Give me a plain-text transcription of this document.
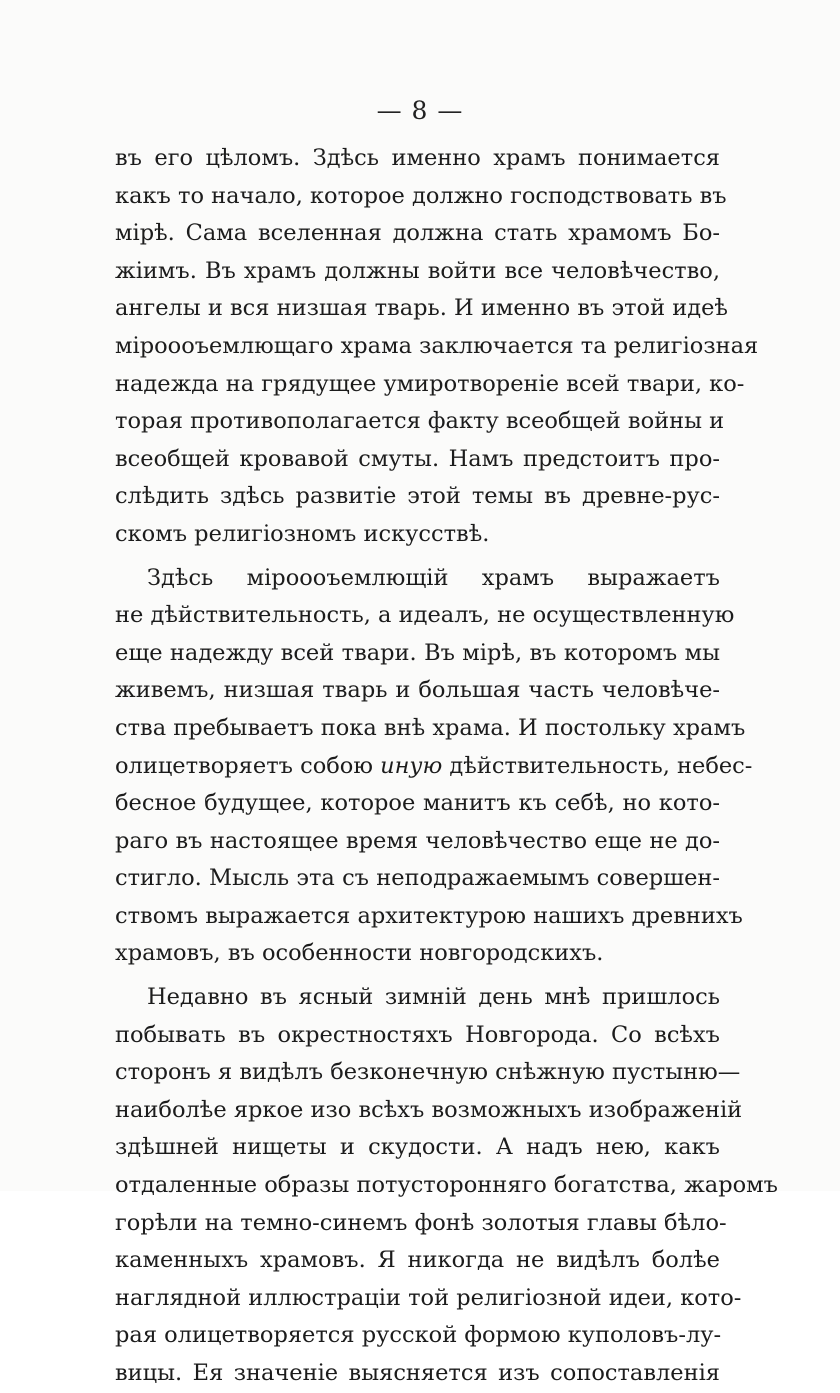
— 8 —
въ его цѣломъ. Здѣсь именно храмъ понимается
какъ то начало, которое должно господствовать въ
мірѣ. Сама вселенная должна стать храмомъ Бо-
жіимъ. Въ храмъ должны войти все человѣчество,
ангелы и вся низшая тварь. И именно въ этой идеѣ
міроооъемлющаго храма заключается та религіозная
надежда на грядущее умиротвореніе всей твари, ко-
торая противополагается факту всеобщей войны и
всеобщей кровавой смуты. Намъ предстоитъ про-
слѣдить здѣсь развитіе этой темы въ древне-рус-
скомъ религіозномъ искусствѣ.
Здѣсь міроооъемлющій храмъ выражаетъ
не дѣйствительность, а идеалъ, не осуществленную
еще надежду всей твари. Въ мірѣ, въ которомъ мы
живемъ, низшая тварь и большая часть человѣче-
ства пребываетъ пока внѣ храма. И постольку храмъ
олицетворяетъ собою иную дѣйствительность, небес-
бесное будущее, которое манитъ къ себѣ, но кото-
раго въ настоящее время человѣчество еще не до-
стигло. Мысль эта съ неподражаемымъ совершен-
ствомъ выражается архитектурою нашихъ древнихъ
храмовъ, въ особенности новгородскихъ.
Недавно въ ясный зимній день мнѣ пришлось
побывать въ окрестностяхъ Новгорода. Со всѣхъ
сторонъ я видѣлъ безконечную снѣжную пустыню—
наиболѣе яркое изо всѣхъ возможныхъ изображеній
здѣшней нищеты и скудости. А надъ нею, какъ
отдаленные образы потусторонняго богатства, жаромъ
горѣли на темно-синемъ фонѣ золотыя главы бѣло-
каменныхъ храмовъ. Я никогда не видѣлъ болѣе
наглядной иллюстраціи той религіозной идеи, кото-
рая олицетворяется русской формою куполовъ-лу-
вицы. Ея значеніе выясняется изъ сопоставленія
